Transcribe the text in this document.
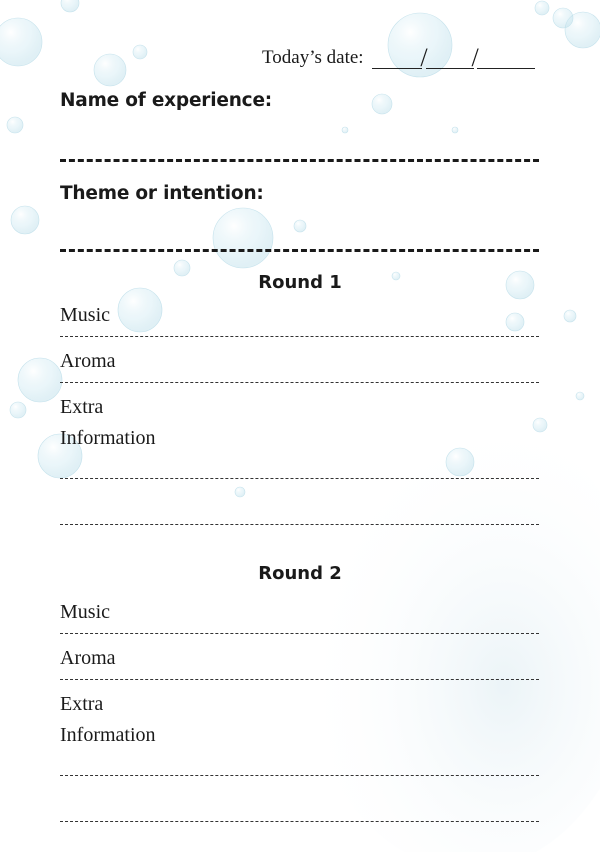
Today’s date: / /
Name of experience:
Theme or intention:
Round 1
Music
Aroma
Extra
Information
Round 2
Music
Aroma
Extra
Information
